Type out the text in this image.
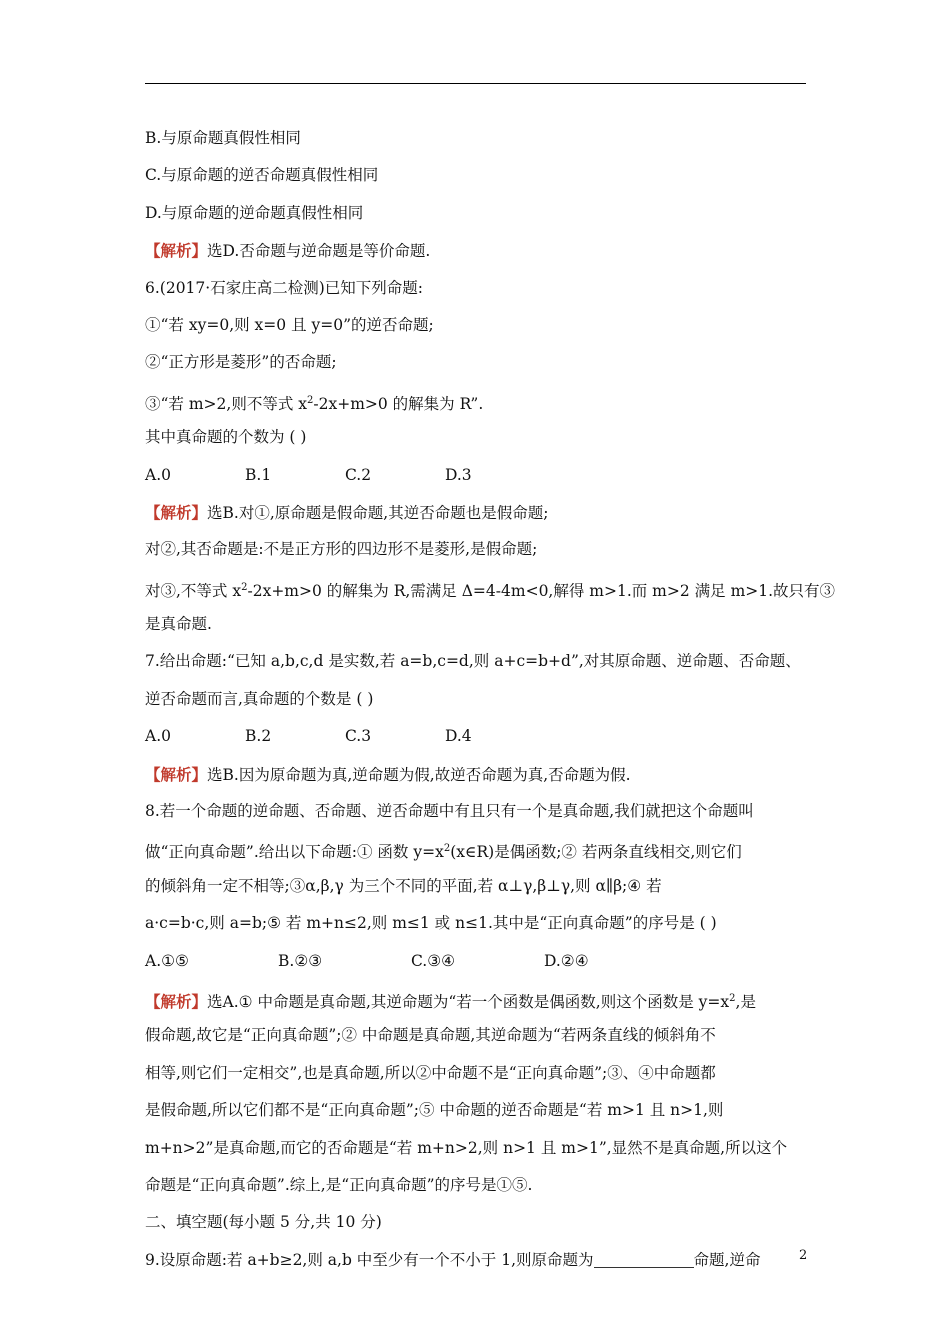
B.与原命题真假性相同
C.与原命题的逆否命题真假性相同
D.与原命题的逆命题真假性相同
【解析】选D.否命题与逆命题是等价命题.
6.(2017·石家庄高二检测)已知下列命题:
①“若 xy=0,则 x=0 且 y=0”的逆否命题;
②“正方形是菱形”的否命题;
③“若 m>2,则不等式 $x^2-2x+m>0$ 的解集为 R”.
其中真命题的个数为 ( )
A.0	B.1	C.2	D.3
【解析】选B.对①,原命题是假命题,其逆否命题也是假命题;
对②,其否命题是:不是正方形的四边形不是菱形,是假命题;
对③,不等式 $x^2-2x+m>0$ 的解集为 R,需满足 Δ=4-4m<0,解得 m>1.而 m>2 满足 m>1.故只有③
是真命题.
7.给出命题:“已知 a,b,c,d 是实数,若 a=b,c=d,则 a+c=b+d”,对其原命题、逆命题、否命题、
逆否命题而言,真命题的个数是 ( )
A.0	B.2	C.3	D.4
【解析】选B.因为原命题为真,逆命题为假,故逆否命题为真,否命题为假.
8.若一个命题的逆命题、否命题、逆否命题中有且只有一个是真命题,我们就把这个命题叫
做“正向真命题”.给出以下命题:① 函数 $y=x^2(x\in R)$是偶函数;② 若两条直线相交,则它们
的倾斜角一定不相等;③α,β,γ 为三个不同的平面,若 α⊥γ,β⊥γ,则 α∥β;④ 若
a·c=b·c,则 a=b;⑤ 若 m+n≤2,则 m≤1 或 n≤1.其中是“正向真命题”的序号是 ( )
A.①⑤	B.②③	C.③④	D.②④
【解析】选A.① 中命题是真命题,其逆命题为“若一个函数是偶函数,则这个函数是 $y=x^2$,是
假命题,故它是“正向真命题”;② 中命题是真命题,其逆命题为“若两条直线的倾斜角不
相等,则它们一定相交”,也是真命题,所以②中命题不是“正向真命题”;③、④中命题都
是假命题,所以它们都不是“正向真命题”;⑤ 中命题的逆否命题是“若 m>1 且 n>1,则
m+n>2”是真命题,而它的否命题是“若 m+n>2,则 n>1 且 m>1”,显然不是真命题,所以这个
命题是“正向真命题”.综上,是“正向真命题”的序号是①⑤.
二、填空题(每小题 5 分,共 10 分)
9.设原命题:若 a+b≥2,则 a,b 中至少有一个不小于 1,则原命题为	命题,逆命	2
